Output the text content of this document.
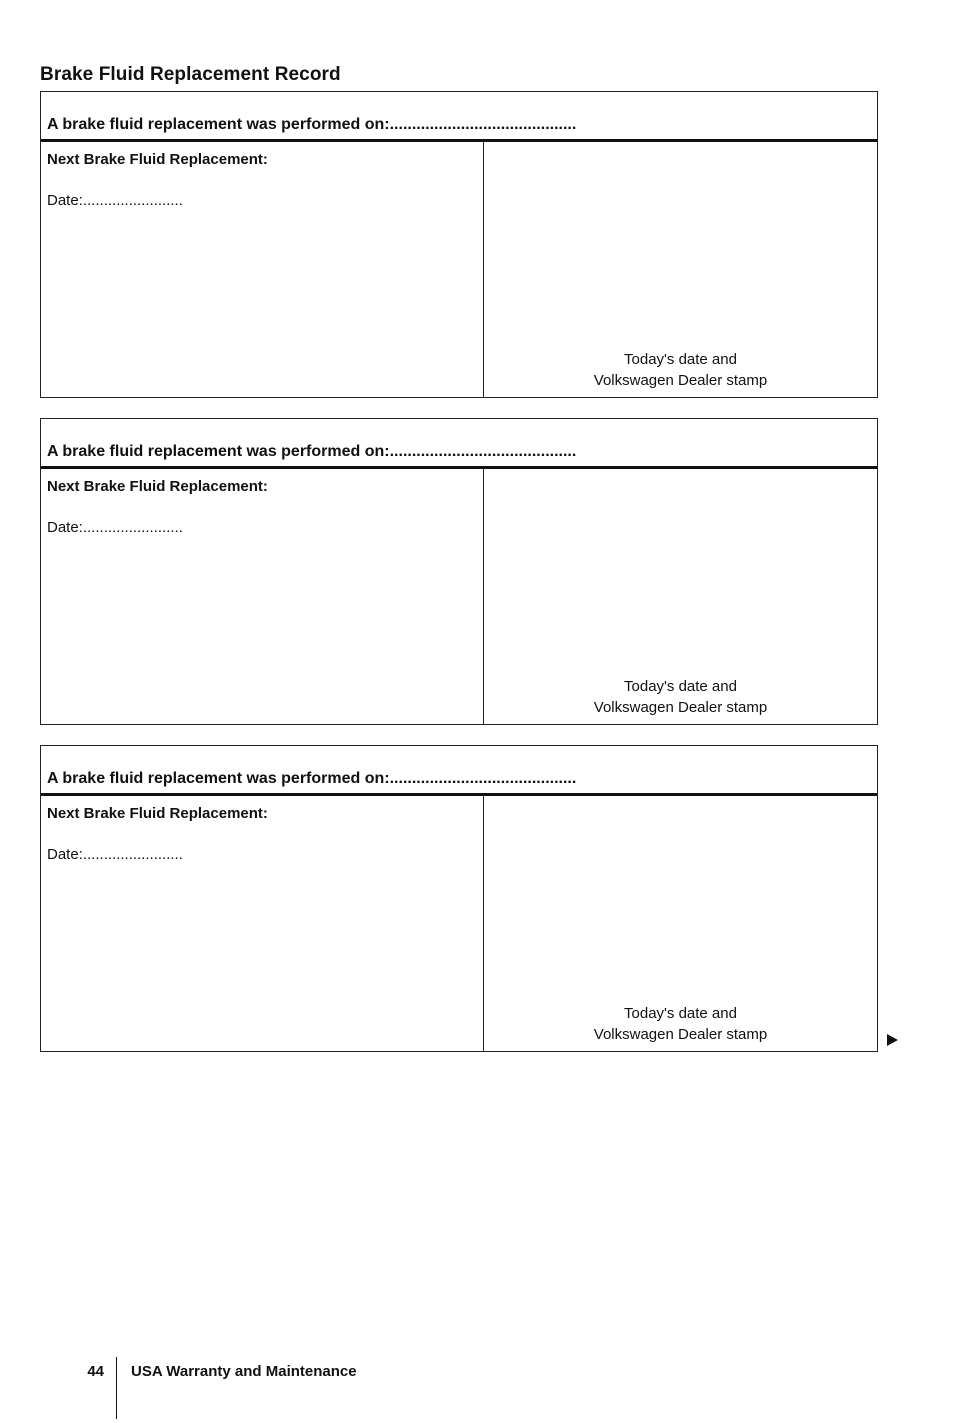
Brake Fluid Replacement Record
A brake fluid replacement was performed on:..........................................
Next Brake Fluid Replacement:
Date:........................
Today's date and
Volkswagen Dealer stamp
A brake fluid replacement was performed on:..........................................
Next Brake Fluid Replacement:
Date:........................
Today's date and
Volkswagen Dealer stamp
A brake fluid replacement was performed on:..........................................
Next Brake Fluid Replacement:
Date:........................
Today's date and
Volkswagen Dealer stamp
44 USA Warranty and Maintenance
